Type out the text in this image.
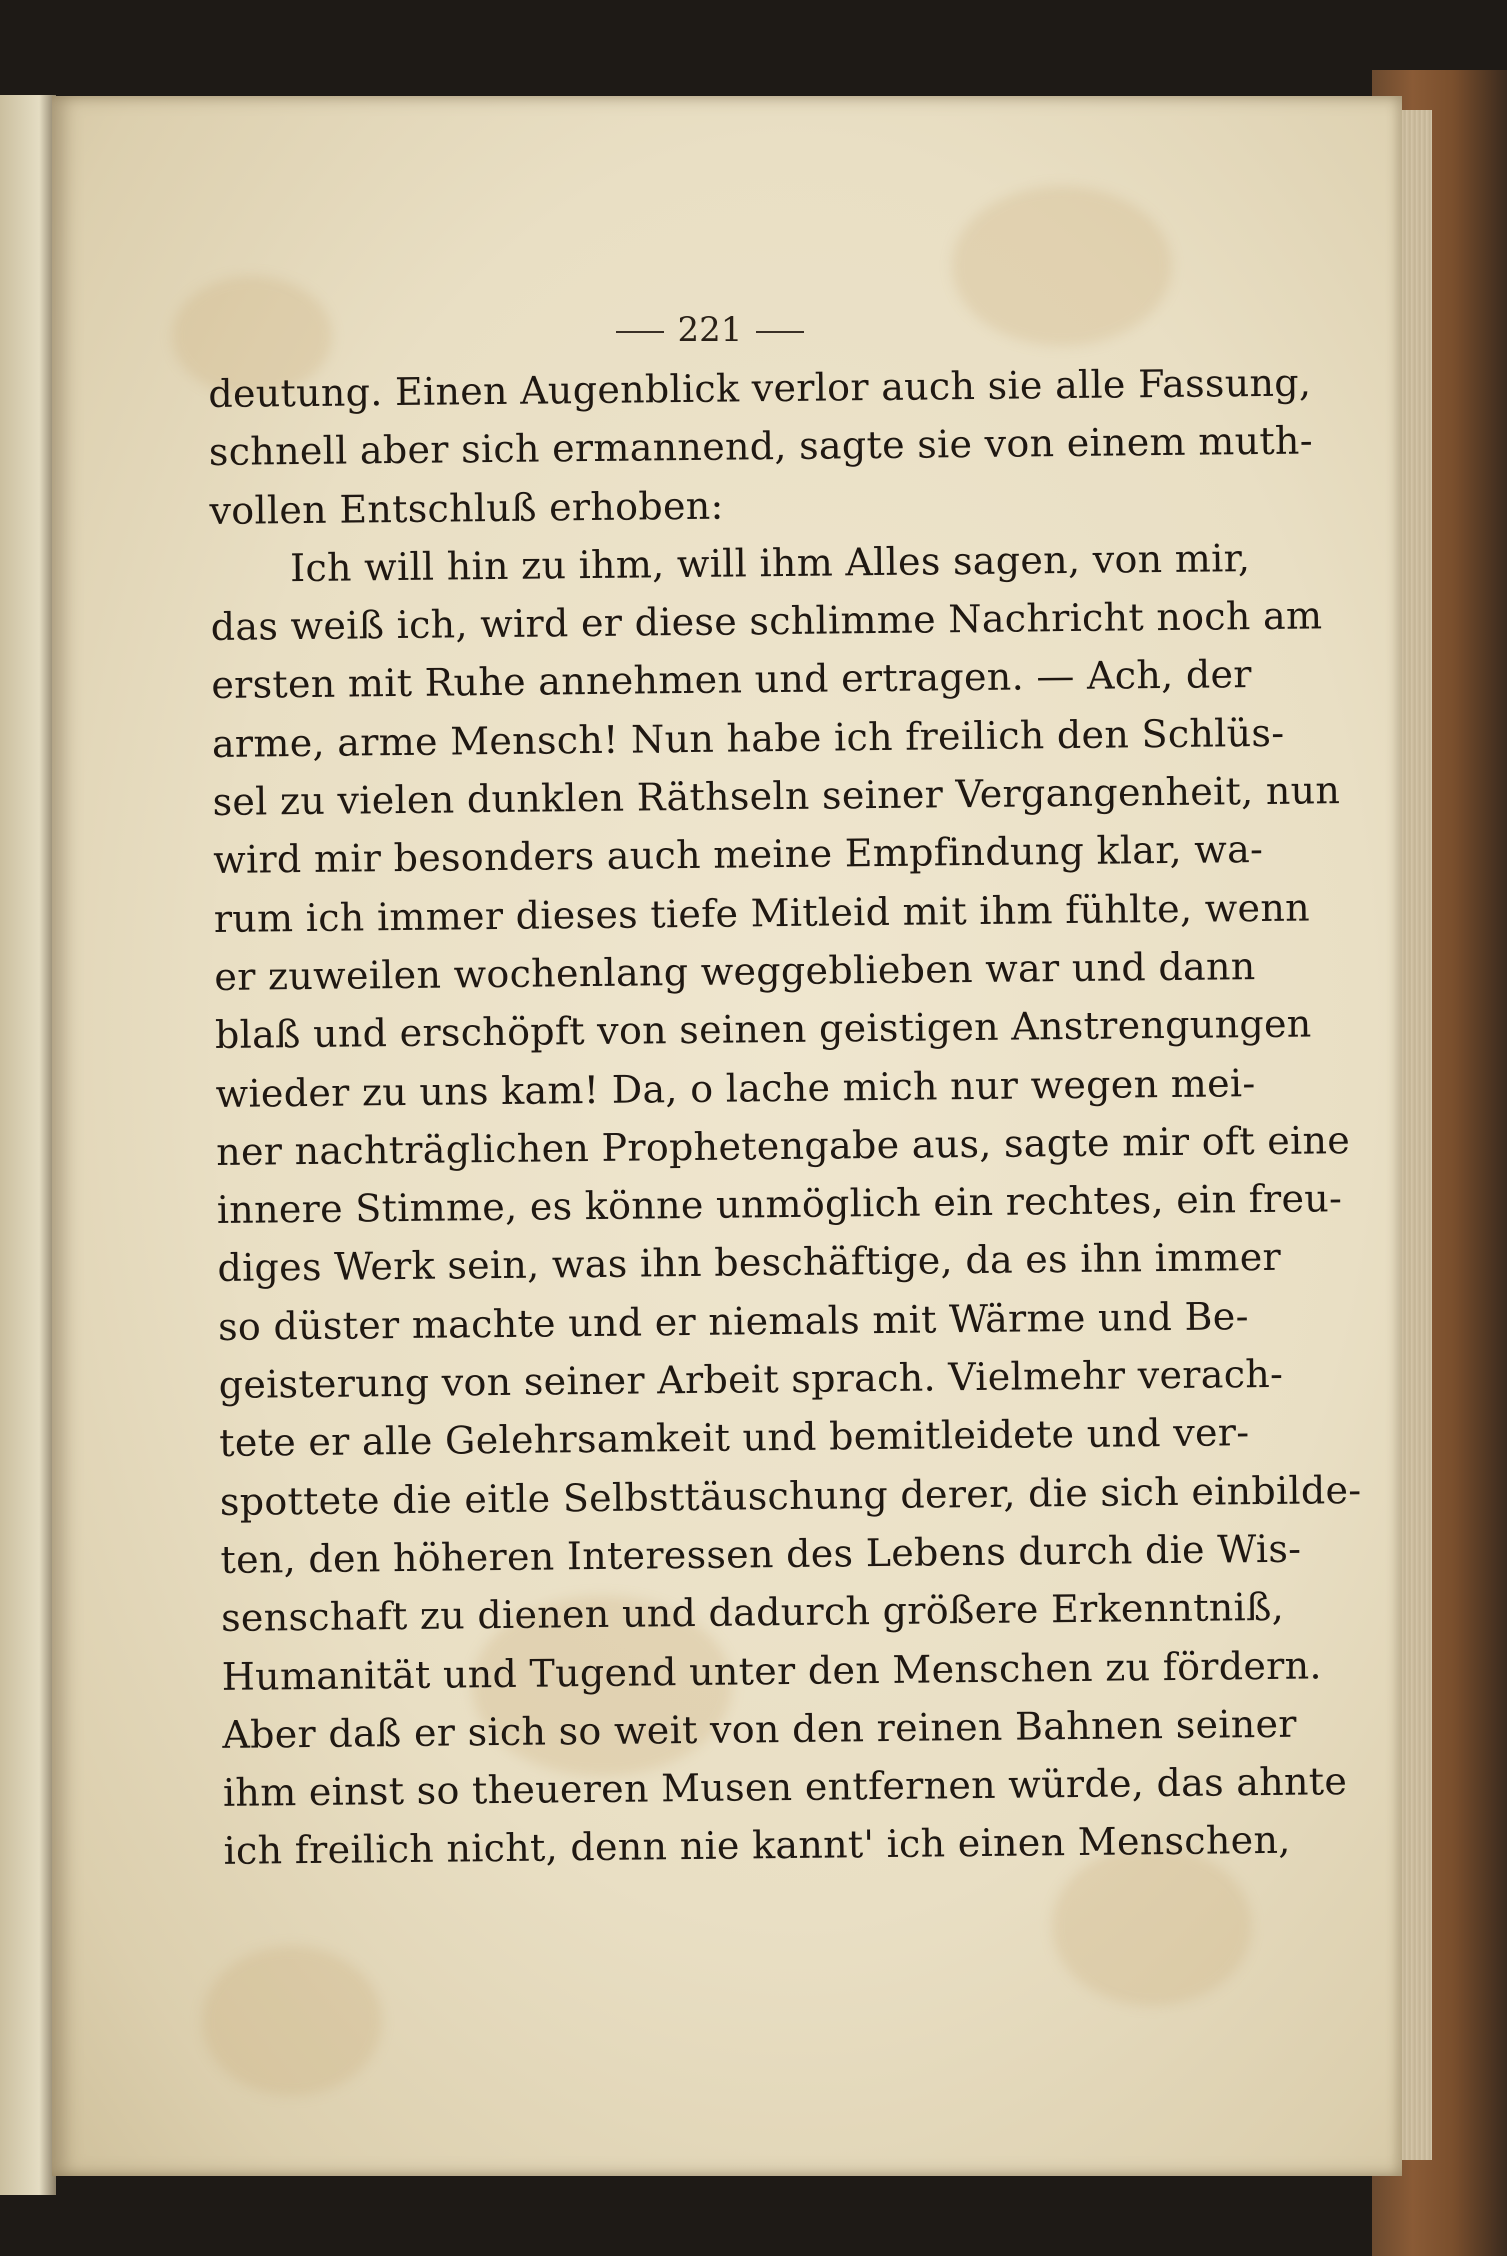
221
deutung. Einen Augenblick verlor auch sie alle Fassung,
schnell aber sich ermannend, sagte sie von einem muth-
vollen Entschluß erhoben:
Ich will hin zu ihm, will ihm Alles sagen, von mir,
das weiß ich, wird er diese schlimme Nachricht noch am
ersten mit Ruhe annehmen und ertragen. — Ach, der
arme, arme Mensch! Nun habe ich freilich den Schlüs-
sel zu vielen dunklen Räthseln seiner Vergangenheit, nun
wird mir besonders auch meine Empfindung klar, wa-
rum ich immer dieses tiefe Mitleid mit ihm fühlte, wenn
er zuweilen wochenlang weggeblieben war und dann
blaß und erschöpft von seinen geistigen Anstrengungen
wieder zu uns kam! Da, o lache mich nur wegen mei-
ner nachträglichen Prophetengabe aus, sagte mir oft eine
innere Stimme, es könne unmöglich ein rechtes, ein freu-
diges Werk sein, was ihn beschäftige, da es ihn immer
so düster machte und er niemals mit Wärme und Be-
geisterung von seiner Arbeit sprach. Vielmehr verach-
tete er alle Gelehrsamkeit und bemitleidete und ver-
spottete die eitle Selbsttäuschung derer, die sich einbilde-
ten, den höheren Interessen des Lebens durch die Wis-
senschaft zu dienen und dadurch größere Erkenntniß,
Humanität und Tugend unter den Menschen zu fördern.
Aber daß er sich so weit von den reinen Bahnen seiner
ihm einst so theueren Musen entfernen würde, das ahnte
ich freilich nicht, denn nie kannt' ich einen Menschen,
